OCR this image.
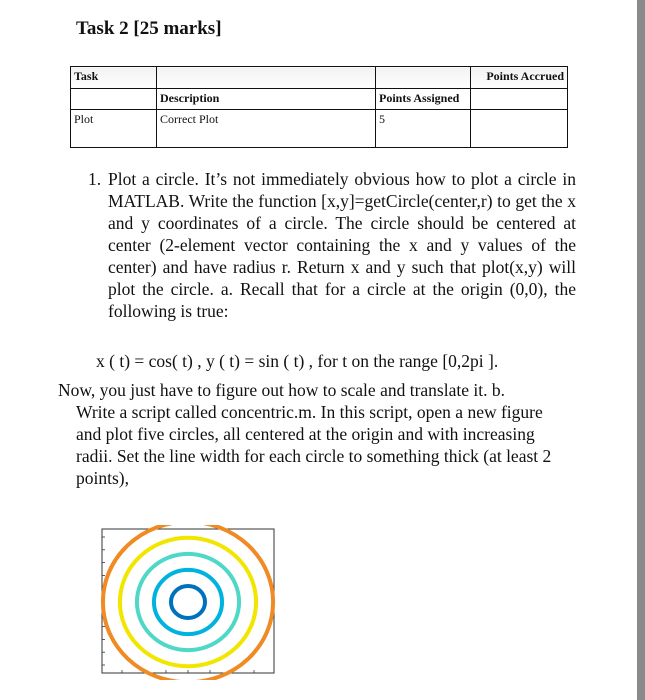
Task 2 [25 marks]
Task			Points Accrued
	Description	Points Assigned	
Plot	Correct Plot	5	
1. Plot a circle. It’s not immediately obvious how to plot a circle in MATLAB. Write the function [x,y]=getCircle(center,r) to get the x and y coordinates of a circle. The circle should be centered at center (2-element vector containing the x and y values of the center) and have radius r. Return x and y such that plot(x,y) will plot the circle. a. Recall that for a circle at the origin (0,0), the following is true:
x ( t) = cos( t) , y ( t) = sin ( t) , for t on the range [0,2pi ].
Now, you just have to figure out how to scale and translate it. b.
Write a script called concentric.m. In this script, open a new figure and plot five circles, all centered at the origin and with increasing radii. Set the line width for each circle to something thick (at least 2 points),
